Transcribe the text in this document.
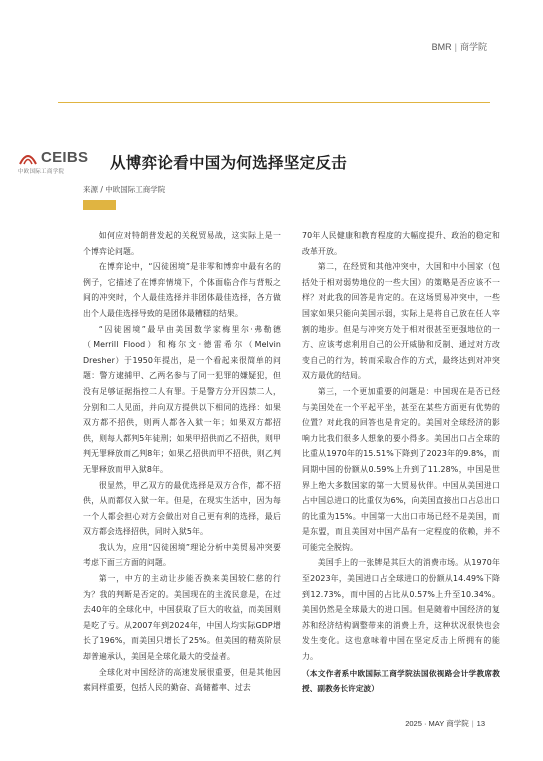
BMR | 商学院
CEIBS
中欧国际工商学院	从博弈论看中国为何选择坚定反击
来源 / 中欧国际工商学院

如何应对特朗普发起的关税贸易战，这实际上是一个博弈论问题。

在博弈论中，“囚徒困境”是非零和博弈中最有名的例子，它描述了在博弈情境下，个体面临合作与背叛之间的冲突时，个人最佳选择并非团体最佳选择，各方做出个人最佳选择导致的是团体最糟糕的结果。

“囚徒困境”最早由美国数学家梅里尔·弗勒德（Merrill Flood）和梅尔文·德雷希尔（Melvin Dresher）于1950年提出，是一个看起来很简单的问题：警方逮捕甲、乙两名参与了同一犯罪的嫌疑犯，但没有足够证据指控二人有罪。于是警方分开囚禁二人，分别和二人见面，并向双方提供以下相同的选择：如果双方都不招供，则两人都各入狱一年；如果双方都招供，则每人都判5年徒刑；如果甲招供而乙不招供，则甲判无罪释放而乙判8年；如果乙招供而甲不招供，则乙判无罪释放而甲入狱8年。

很显然，甲乙双方的最优选择是双方合作，都不招供，从而都仅入狱一年。但是，在现实生活中，因为每一个人都会担心对方会做出对自己更有利的选择，最后双方都会选择招供，同时入狱5年。

我认为，应用“囚徒困境”理论分析中美贸易冲突要考虑下面三方面的问题。

第一，中方的主动让步能否换来美国较仁慈的行为？我的判断是否定的。美国现在的主流民意是，在过去40年的全球化中，中国获取了巨大的收益，而美国则是吃了亏。从2007年到2024年，中国人均实际GDP增长了196%，而美国只增长了25%。但美国的精英阶层却普遍承认，美国是全球化最大的受益者。

全球化对中国经济的高速发展很重要，但是其他因素同样重要，包括人民的勤奋、高储蓄率、过去

70年人民健康和教育程度的大幅度提升、政治的稳定和改革开放。

第二，在经贸和其他冲突中，大国和中小国家（包括处于相对弱势地位的一些大国）的策略是否应该不一样？对此我的回答是肯定的。在这场贸易冲突中，一些国家如果只能向美国示弱，实际上是将自己放在任人宰割的地步。但是与冲突方处于相对很甚至更强地位的一方、应该考虑利用自己的公开威胁和反制、通过对方改变自己的行为，转而采取合作的方式，最终达到对冲突双方最优的结局。

第三，一个更加重要的问题是：中国现在是否已经与美国处在一个平起平坐，甚至在某些方面更有优势的位置？对此我的回答也是肯定的。美国对全球经济的影响力比我们很多人想象的要小得多。美国出口占全球的比重从1970年的15.51%下降到了2023年的9.8%，而同期中国的份额从0.59%上升到了11.28%，中国是世界上绝大多数国家的第一大贸易伙伴。中国从美国进口占中国总进口的比重仅为6%，向美国直接出口占总出口的比重为15%。中国第一大出口市场已经不是美国，而是东盟，而且美国对中国产品有一定程度的依赖，并不可能完全脱钩。

美国手上的一张牌是其巨大的消费市场。从1970年至2023年，美国进口占全球进口的份额从14.49%下降到12.73%，而中国的占比从0.57%上升至10.34%。美国仍然是全球最大的进口国。但是随着中国经济的复苏和经济结构调整带来的消费上升，这种状况很快也会发生变化。这也意味着中国在坚定反击上所拥有的能力。

（本文作者系中欧国际工商学院法国依视路会计学教席教授、副教务长许定波）

2025 · MAY 商学院 | 13
